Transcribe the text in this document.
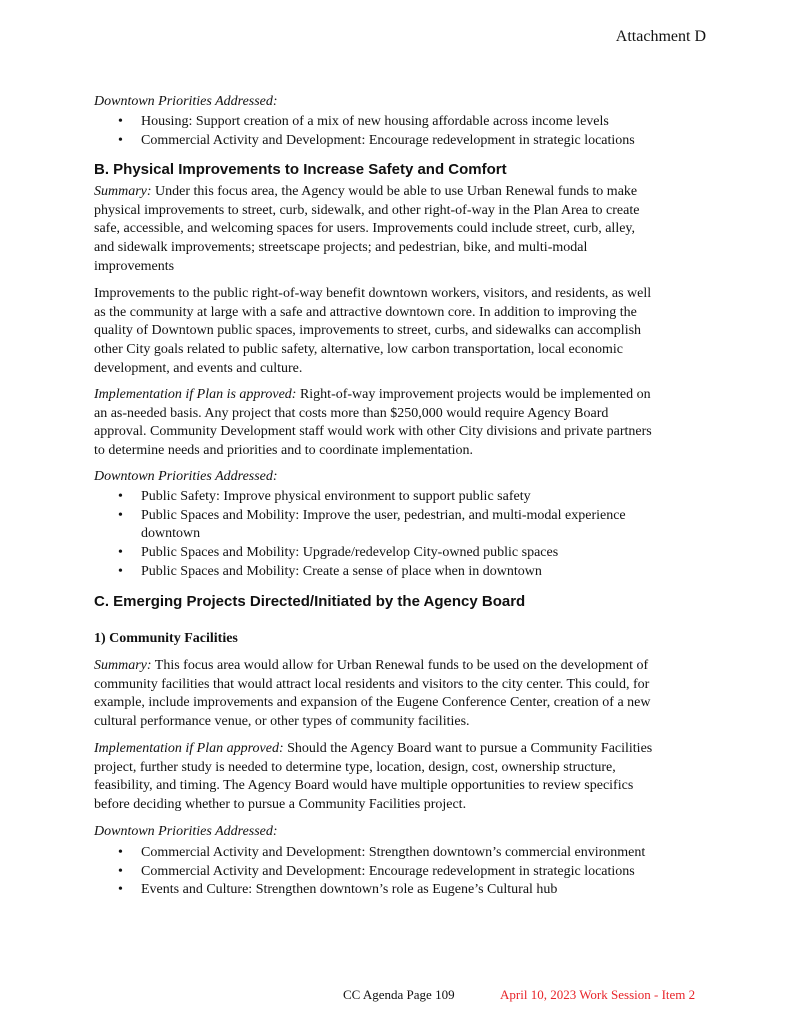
Attachment D
Downtown Priorities Addressed:
• Housing: Support creation of a mix of new housing affordable across income levels
• Commercial Activity and Development: Encourage redevelopment in strategic locations
B. Physical Improvements to Increase Safety and Comfort
Summary: Under this focus area, the Agency would be able to use Urban Renewal funds to make
physical improvements to street, curb, sidewalk, and other right-of-way in the Plan Area to create
safe, accessible, and welcoming spaces for users. Improvements could include street, curb, alley,
and sidewalk improvements; streetscape projects; and pedestrian, bike, and multi-modal
improvements
Improvements to the public right-of-way benefit downtown workers, visitors, and residents, as well
as the community at large with a safe and attractive downtown core. In addition to improving the
quality of Downtown public spaces, improvements to street, curbs, and sidewalks can accomplish
other City goals related to public safety, alternative, low carbon transportation, local economic
development, and events and culture.
Implementation if Plan is approved: Right-of-way improvement projects would be implemented on
an as-needed basis. Any project that costs more than $250,000 would require Agency Board
approval. Community Development staff would work with other City divisions and private partners
to determine needs and priorities and to coordinate implementation.
Downtown Priorities Addressed:
• Public Safety: Improve physical environment to support public safety
• Public Spaces and Mobility: Improve the user, pedestrian, and multi-modal experience
downtown
• Public Spaces and Mobility: Upgrade/redevelop City-owned public spaces
• Public Spaces and Mobility: Create a sense of place when in downtown
C. Emerging Projects Directed/Initiated by the Agency Board
1) Community Facilities
Summary: This focus area would allow for Urban Renewal funds to be used on the development of
community facilities that would attract local residents and visitors to the city center. This could, for
example, include improvements and expansion of the Eugene Conference Center, creation of a new
cultural performance venue, or other types of community facilities.
Implementation if Plan approved: Should the Agency Board want to pursue a Community Facilities
project, further study is needed to determine type, location, design, cost, ownership structure,
feasibility, and timing. The Agency Board would have multiple opportunities to review specifics
before deciding whether to pursue a Community Facilities project.
Downtown Priorities Addressed:
• Commercial Activity and Development: Strengthen downtown’s commercial environment
• Commercial Activity and Development: Encourage redevelopment in strategic locations
• Events and Culture: Strengthen downtown’s role as Eugene’s Cultural hub
CC Agenda Page 109	April 10, 2023 Work Session - Item 2
